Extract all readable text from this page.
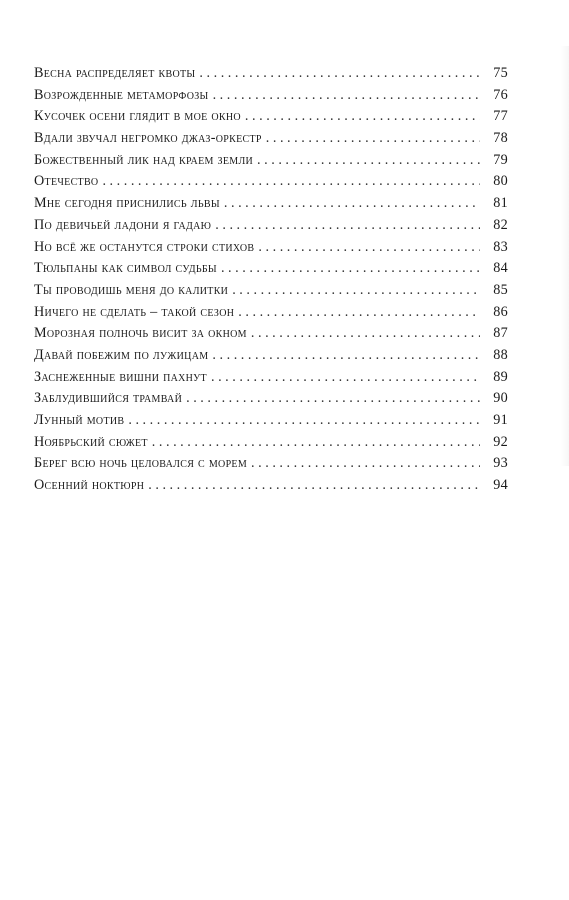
Весна распределяет квоты . . .	75
Возрожденные метаморфозы . . .	76
Кусочек осени глядит в мое окно . . .	77
Вдали звучал негромко джаз-оркестр . . .	78
Божественный лик над краем земли . . .	79
Отечество . . .	80
Мне сегодня приснились львы . . .	81
По девичьей ладони я гадаю . . .	82
Но всё же останутся строки стихов . . .	83
Тюльпаны как символ судьбы . . .	84
Ты проводишь меня до калитки . . .	85
Ничего не сделать – такой сезон . . .	86
Морозная полночь висит за окном . . .	87
Давай побежим по лужицам . . .	88
Заснеженные вишни пахнут . . .	89
Заблудившийся трамвай . . .	90
Лунный мотив . . .	91
Ноябрьский сюжет . . .	92
Берег всю ночь целовался с морем . . .	93
Осенний ноктюрн . . .	94
